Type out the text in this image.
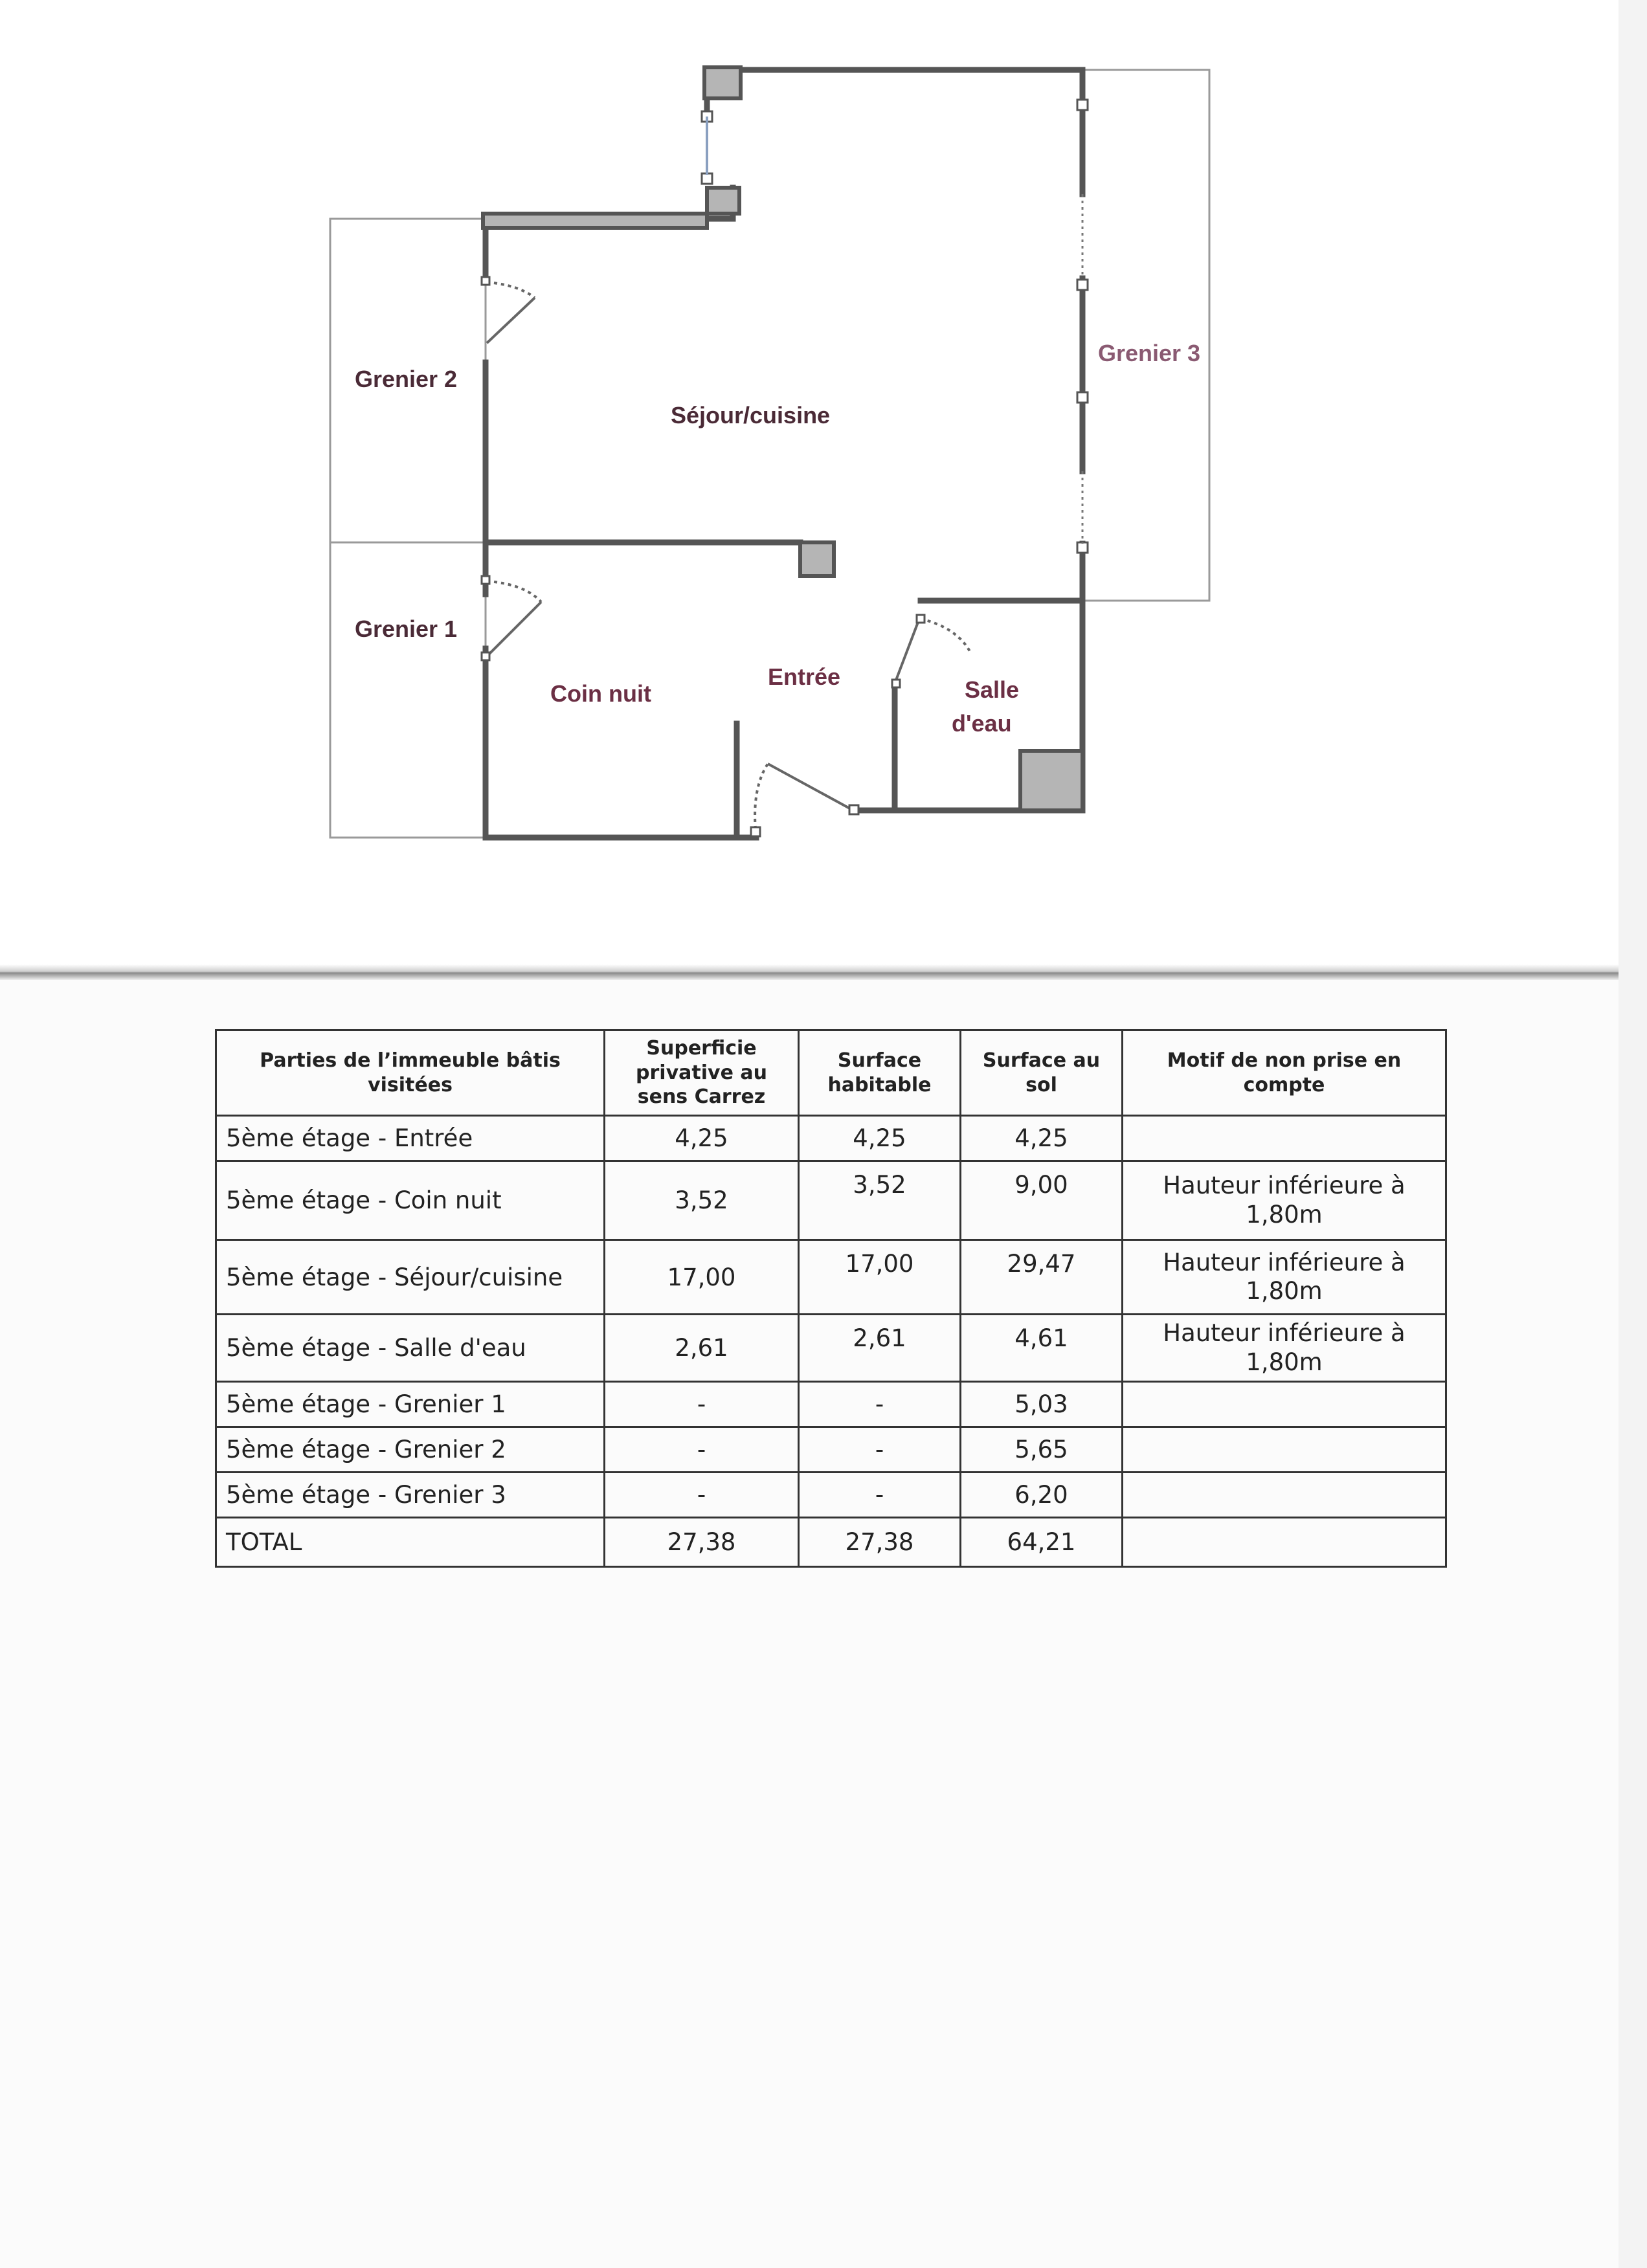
Grenier 2
Séjour/cuisine
Grenier 3
Grenier 1
Coin nuit
Entrée	Salle
d'eau
Parties de l’immeuble bâtis visitées	Superficie privative au sens Carrez	Surface habitable	Surface au sol	Motif de non prise en compte
5ème étage - Entrée	4,25	4,25	4,25	
5ème étage - Coin nuit	3,52	3,52	9,00	Hauteur inférieure à 1,80m
5ème étage - Séjour/cuisine	17,00	17,00	29,47	Hauteur inférieure à 1,80m
5ème étage - Salle d'eau	2,61	2,61	4,61	Hauteur inférieure à 1,80m
5ème étage - Grenier 1	-	-	5,03	
5ème étage - Grenier 2	-	-	5,65	
5ème étage - Grenier 3	-	-	6,20	
TOTAL	27,38	27,38	64,21	
